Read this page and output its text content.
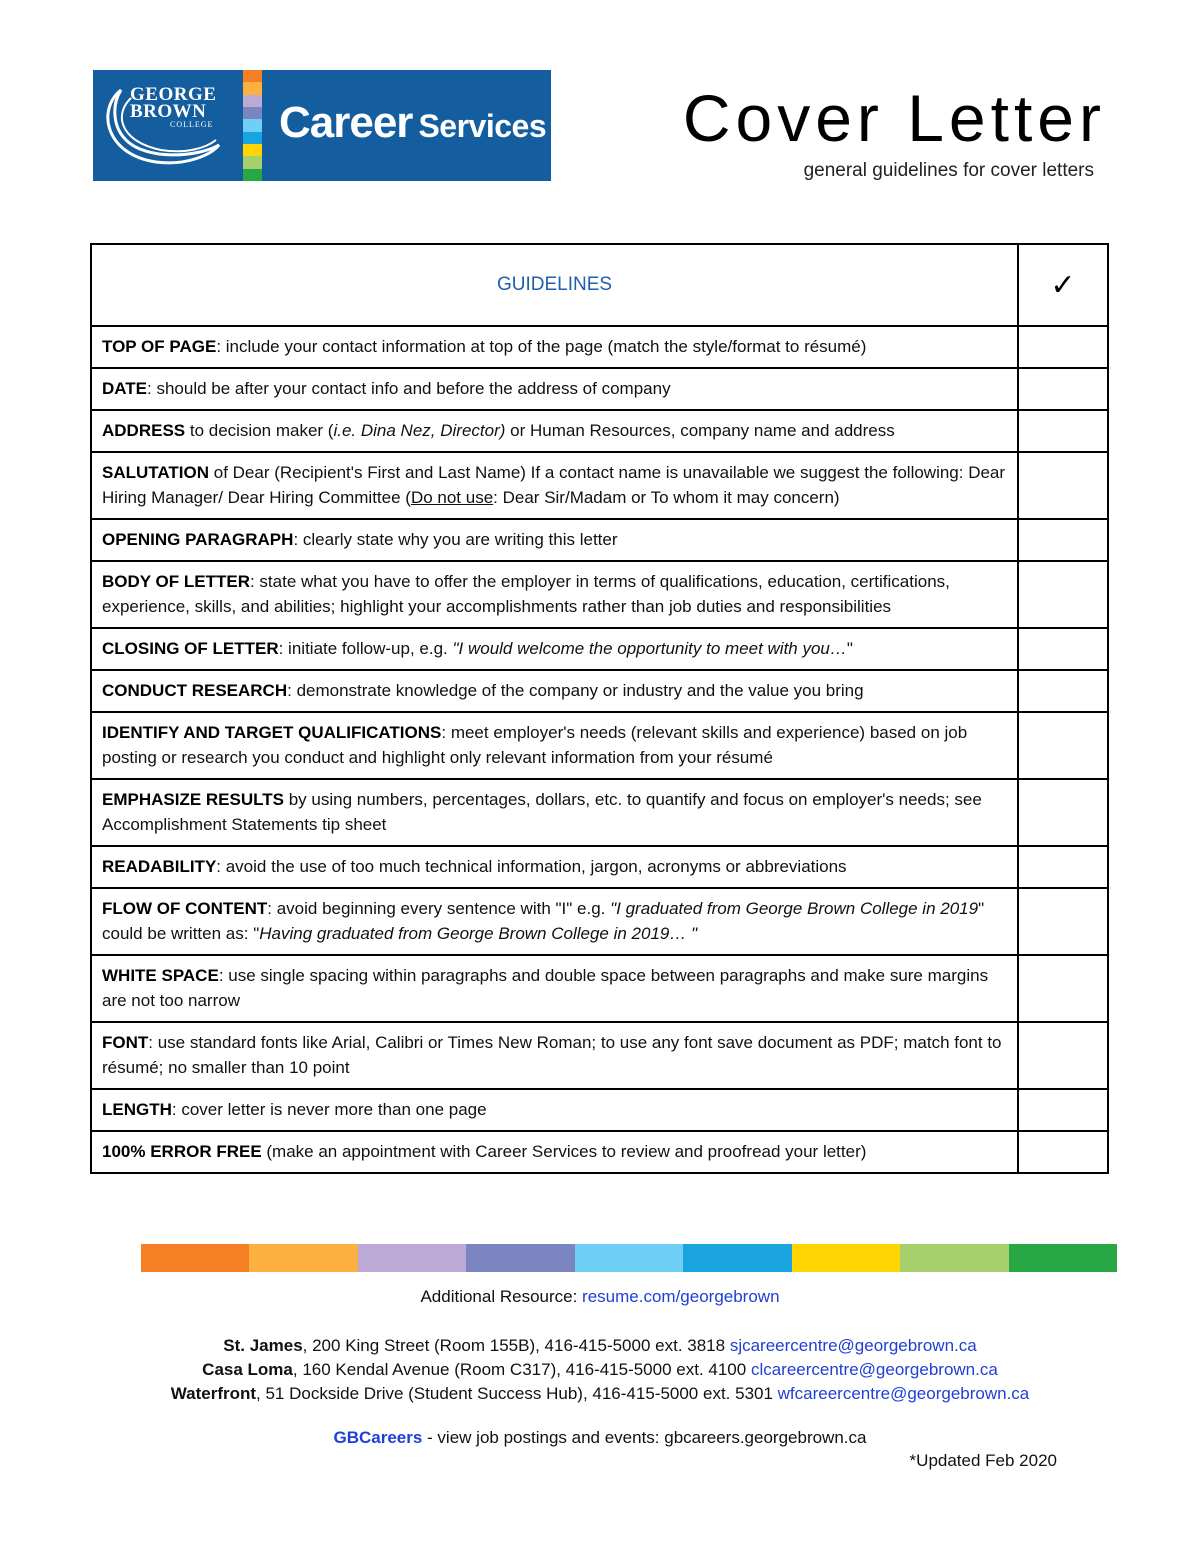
GEORGE
BROWN
COLLEGE Career Services Cover Letter
general guidelines for cover letters
GUIDELINES	✓
TOP OF PAGE: include your contact information at top of the page (match the style/format to résumé)	
DATE: should be after your contact info and before the address of company	
ADDRESS to decision maker (i.e. Dina Nez, Director) or Human Resources, company name and address	
SALUTATION of Dear (Recipient's First and Last Name) If a contact name is unavailable we suggest the following: Dear Hiring Manager/ Dear Hiring Committee (Do not use: Dear Sir/Madam or To whom it may concern)	
OPENING PARAGRAPH: clearly state why you are writing this letter	
BODY OF LETTER: state what you have to offer the employer in terms of qualifications, education, certifications, experience, skills, and abilities; highlight your accomplishments rather than job duties and responsibilities	
CLOSING OF LETTER: initiate follow-up, e.g. "I would welcome the opportunity to meet with you…"	
CONDUCT RESEARCH: demonstrate knowledge of the company or industry and the value you bring	
IDENTIFY AND TARGET QUALIFICATIONS: meet employer's needs (relevant skills and experience) based on job posting or research you conduct and highlight only relevant information from your résumé	
EMPHASIZE RESULTS by using numbers, percentages, dollars, etc. to quantify and focus on employer's needs; see Accomplishment Statements tip sheet	
READABILITY: avoid the use of too much technical information, jargon, acronyms or abbreviations	
FLOW OF CONTENT: avoid beginning every sentence with "I" e.g. "I graduated from George Brown College in 2019" could be written as: "Having graduated from George Brown College in 2019… "	
WHITE SPACE: use single spacing within paragraphs and double space between paragraphs and make sure margins are not too narrow	
FONT: use standard fonts like Arial, Calibri or Times New Roman; to use any font save document as PDF; match font to résumé; no smaller than 10 point	
LENGTH: cover letter is never more than one page	
100% ERROR FREE (make an appointment with Career Services to review and proofread your letter)	
Additional Resource: resume.com/georgebrown
St. James, 200 King Street (Room 155B), 416-415-5000 ext. 3818 sjcareercentre@georgebrown.ca
Casa Loma, 160 Kendal Avenue (Room C317), 416-415-5000 ext. 4100 clcareercentre@georgebrown.ca
Waterfront, 51 Dockside Drive (Student Success Hub), 416-415-5000 ext. 5301 wfcareercentre@georgebrown.ca
GBCareers - view job postings and events: gbcareers.georgebrown.ca
*Updated Feb 2020
